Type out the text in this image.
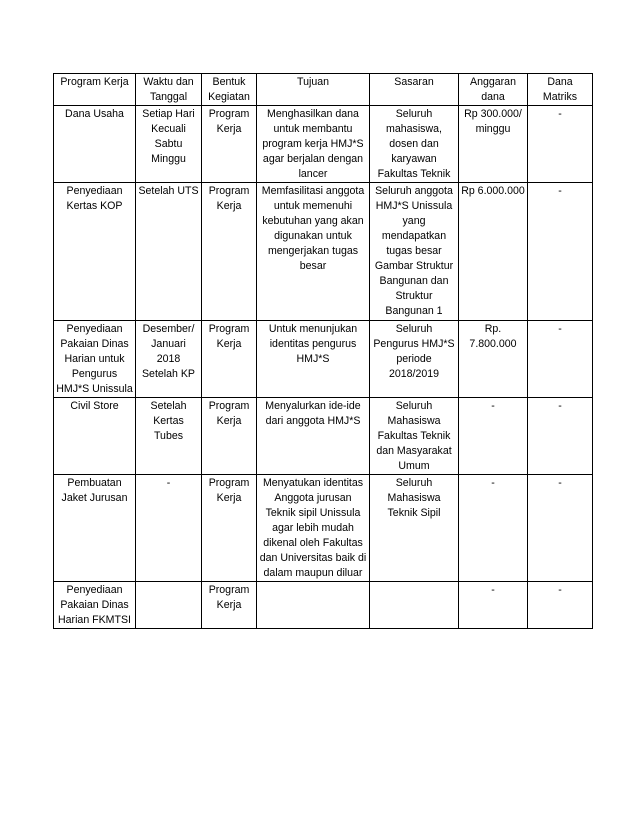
Program Kerja	Waktu dan Tanggal	Bentuk Kegiatan	Tujuan	Sasaran	Anggaran dana	Dana Matriks
Dana Usaha	Setiap Hari Kecuali Sabtu Minggu	Program Kerja	Menghasilkan dana untuk membantu program kerja HMJ*S agar berjalan dengan lancer	Seluruh mahasiswa, dosen dan karyawan Fakultas Teknik	Rp 300.000/ minggu	-
Penyediaan Kertas KOP	Setelah UTS	Program Kerja	Memfasilitasi anggota untuk memenuhi kebutuhan yang akan digunakan untuk mengerjakan tugas besar	Seluruh anggota HMJ*S Unissula yang mendapatkan tugas besar Gambar Struktur Bangunan dan Struktur Bangunan 1	Rp 6.000.000	-
Penyediaan Pakaian Dinas Harian untuk Pengurus HMJ*S Unissula	Desember/ Januari 2018 Setelah KP	Program Kerja	Untuk menunjukan identitas pengurus HMJ*S	Seluruh Pengurus HMJ*S periode 2018/2019	Rp. 7.800.000	-
Civil Store	Setelah Kertas Tubes	Program Kerja	Menyalurkan ide-ide dari anggota HMJ*S	Seluruh Mahasiswa Fakultas Teknik dan Masyarakat Umum	-	-
Pembuatan Jaket Jurusan	-	Program Kerja	Menyatukan identitas Anggota jurusan Teknik sipil Unissula agar lebih mudah dikenal oleh Fakultas dan Universitas baik di dalam maupun diluar	Seluruh Mahasiswa Teknik Sipil	-	-
Penyediaan Pakaian Dinas Harian FKMTSI		Program Kerja			-	-
